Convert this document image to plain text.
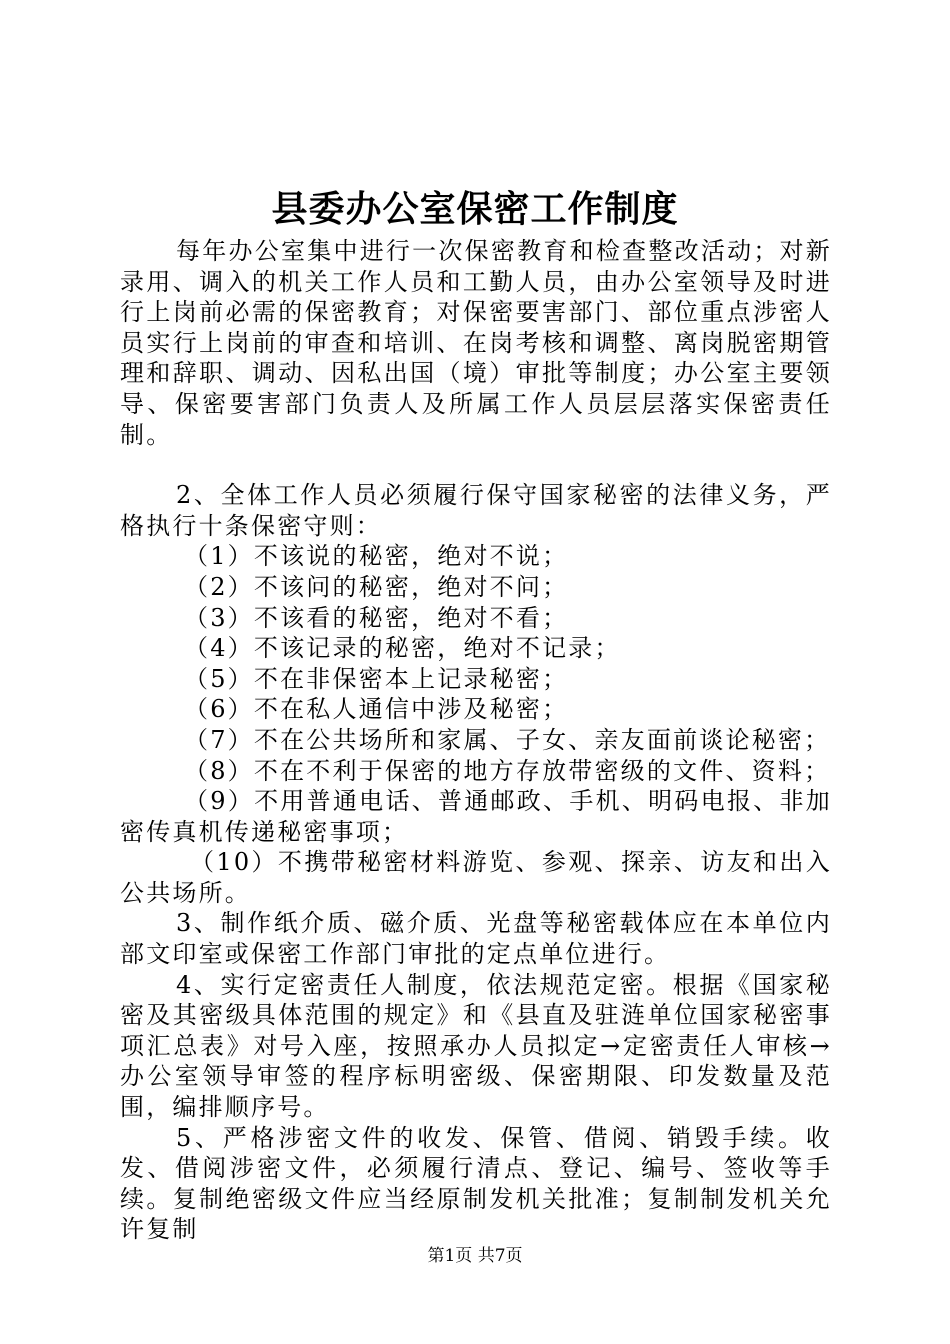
县委办公室保密工作制度

每年办公室集中进行一次保密教育和检查整改活动；对新录用、调入的机关工作人员和工勤人员，由办公室领导及时进行上岗前必需的保密教育；对保密要害部门、部位重点涉密人员实行上岗前的审查和培训、在岗考核和调整、离岗脱密期管理和辞职、调动、因私出国（境）审批等制度；办公室主要领导、保密要害部门负责人及所属工作人员层层落实保密责任制。

2、全体工作人员必须履行保守国家秘密的法律义务，严格执行十条保密守则：

（1）不该说的秘密，绝对不说；

（2）不该问的秘密，绝对不问；

（3）不该看的秘密，绝对不看；

（4）不该记录的秘密，绝对不记录；

（5）不在非保密本上记录秘密；

（6）不在私人通信中涉及秘密；

（7）不在公共场所和家属、子女、亲友面前谈论秘密；

（8）不在不利于保密的地方存放带密级的文件、资料；

（9）不用普通电话、普通邮政、手机、明码电报、非加密传真机传递秘密事项；

（10）不携带秘密材料游览、参观、探亲、访友和出入公共场所。

3、制作纸介质、磁介质、光盘等秘密载体应在本单位内部文印室或保密工作部门审批的定点单位进行。

4、实行定密责任人制度，依法规范定密。根据《国家秘密及其密级具体范围的规定》和《县直及驻涟单位国家秘密事项汇总表》对号入座，按照承办人员拟定→定密责任人审核→办公室领导审签的程序标明密级、保密期限、印发数量及范围，编排顺序号。

5、严格涉密文件的收发、保管、借阅、销毁手续。收发、借阅涉密文件，必须履行清点、登记、编号、签收等手续。复制绝密级文件应当经原制发机关批准；复制制发机关允许复制

第1页 共7页
